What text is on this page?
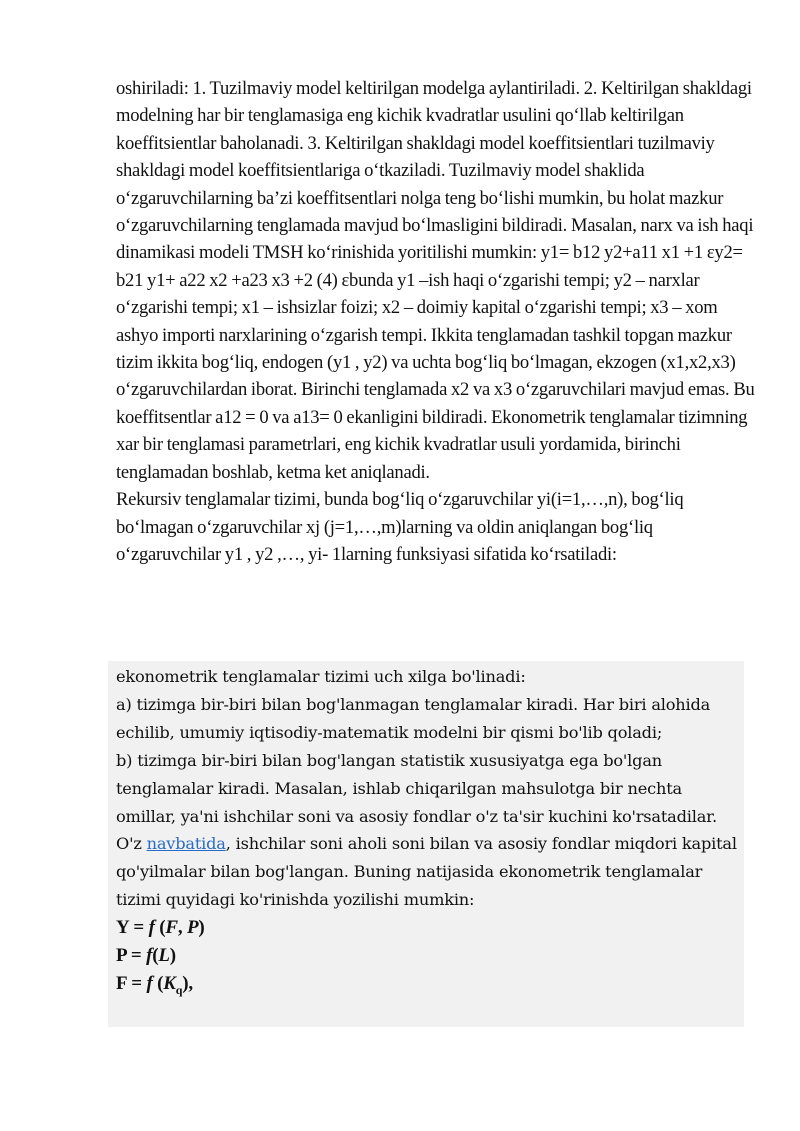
oshiriladi: 1. Tuzilmaviy model keltirilgan modelga aylantiriladi. 2. Keltirilgan shakldagi modelning har bir tenglamasiga eng kichik kvadratlar usulini qo‘llab keltirilgan koeffitsientlar baholanadi. 3. Keltirilgan shakldagi model koeffitsientlari tuzilmaviy shakldagi model koeffitsientlariga o‘tkaziladi. Tuzilmaviy model shaklida o‘zgaruvchilarning ba’zi koeffitsentlari nolga teng bo‘lishi mumkin, bu holat mazkur o‘zgaruvchilarning tenglamada mavjud bo‘lmasligini bildiradi. Masalan, narx va ish haqi dinamikasi modeli TMSH ko‘rinishida yoritilishi mumkin: y1= b12 y2+a11 x1 +1 ɛy2= b21 y1+ a22 x2 +a23 x3 +2 (4) ɛbunda y1 –ish haqi o‘zgarishi tempi; y2 – narxlar o‘zgarishi tempi; x1 – ishsizlar foizi; x2 – doimiy kapital o‘zgarishi tempi; x3 – xom ashyo importi narxlarining o‘zgarish tempi. Ikkita tenglamadan tashkil topgan mazkur tizim ikkita bog‘liq, endogen (y1 , y2) va uchta bog‘liq bo‘lmagan, ekzogen (x1,x2,x3) o‘zgaruvchilardan iborat. Birinchi tenglamada x2 va x3 o‘zgaruvchilari mavjud emas. Bu koeffitsentlar a12 = 0 va a13= 0 ekanligini bildiradi. Ekonometrik tenglamalar tizimning xar bir tenglamasi parametrlari, eng kichik kvadratlar usuli yordamida, birinchi tenglamadan boshlab, ketma ket aniqlanadi.

Rekursiv tenglamalar tizimi, bunda bog‘liq o‘zgaruvchilar yi(i=1,…,n), bog‘liq bo‘lmagan o‘zgaruvchilar xj (j=1,…,m)larning va oldin aniqlangan bog‘liq o‘zgaruvchilar y1 , y2 ,…, yi- 1larning funksiyasi sifatida ko‘rsatiladi:

ekonometrik tenglamalar tizimi uch xilga bo'linadi:

a) tizimga bir-biri bilan bog'lanmagan tenglamalar kiradi. Har biri alohida echilib, umumiy iqtisodiy-matematik modelni bir qismi bo'lib qoladi;

b) tizimga bir-biri bilan bog'langan statistik xususiyatga ega bo'lgan tenglamalar kiradi. Masalan, ishlab chiqarilgan mahsulotga bir nechta omillar, ya'ni ishchilar soni va asosiy fondlar o'z ta'sir kuchini ko'rsatadilar. O'z navbatida, ishchilar soni aholi soni bilan va asosiy fondlar miqdori kapital qo'yilmalar bilan bog'langan. Buning natijasida ekonometrik tenglamalar tizimi quyidagi ko'rinishda yozilishi mumkin:

Y = f (F, P)
P = f(L)
F = f $(K_q)$,
